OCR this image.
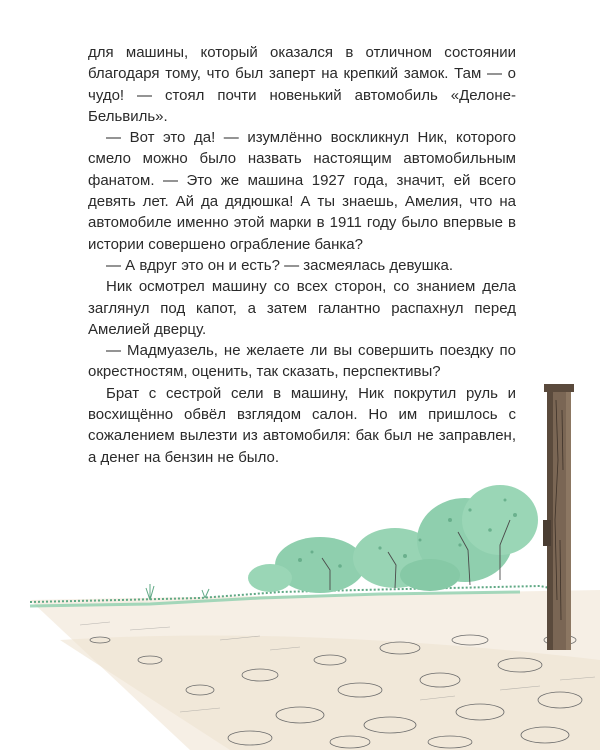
для машины, который оказался в отличном состоянии благодаря тому, что был заперт на крепкий замок. Там — о чудо! — стоял почти новенький автомобиль «Делоне-Бельвиль».

— Вот это да! — изумлённо воскликнул Ник, которого смело можно было назвать настоящим автомобильным фанатом. — Это же машина 1927 года, значит, ей всего девять лет. Ай да дядюшка! А ты знаешь, Амелия, что на автомобиле именно этой марки в 1911 году было впервые в истории совершено ограбление банка?

— А вдруг это он и есть? — засмеялась девушка.

Ник осмотрел машину со всех сторон, со знанием дела заглянул под капот, а затем галантно распахнул перед Амелией дверцу.

— Мадмуазель, не желаете ли вы совершить поездку по окрестностям, оценить, так сказать, перспективы?

Брат с сестрой сели в машину, Ник покрутил руль и восхищённо обвёл взглядом салон. Но им пришлось с сожалением вылезти из автомобиля: бак был не заправлен, а денег на бензин не было.
